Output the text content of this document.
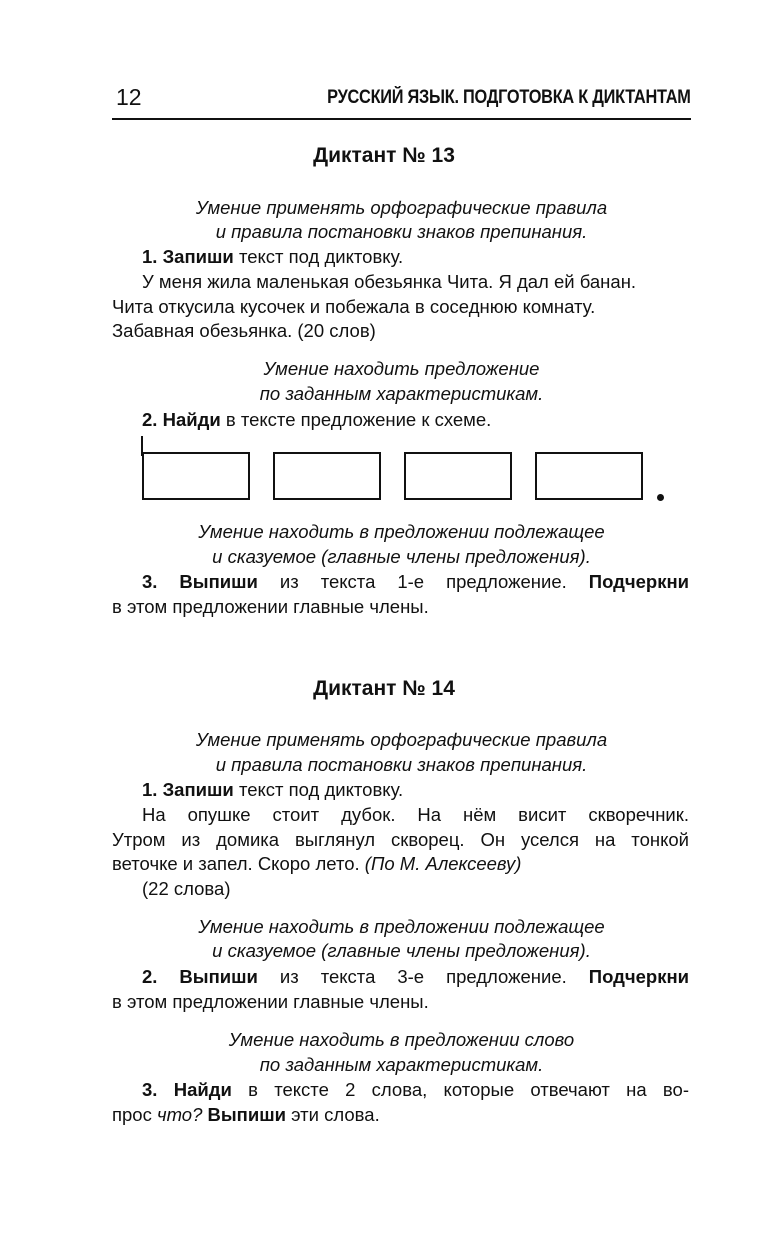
12	РУССКИЙ ЯЗЫК. ПОДГОТОВКА К ДИКТАНТАМ
Диктант № 13
Умение применять орфографические правила
и правила постановки знаков препинания.
1. Запиши текст под диктовку.
У меня жила маленькая обезьянка Чита. Я дал ей банан.
Чита откусила кусочек и побежала в соседнюю комнату.
Забавная обезьянка. (20 слов)
Умение находить предложение
по заданным характеристикам.
2. Найди в тексте предложение к схеме.
Умение находить в предложении подлежащее
и сказуемое (главные члены предложения).
3. Выпиши из текста 1-е предложение. Подчеркни
в этом предложении главные члены.
Диктант № 14
Умение применять орфографические правила
и правила постановки знаков препинания.
1. Запиши текст под диктовку.
На опушке стоит дубок. На нём висит скворечник.
Утром из домика выглянул скворец. Он уселся на тонкой
веточке и запел. Скоро лето. (По М. Алексееву)
(22 слова)
Умение находить в предложении подлежащее
и сказуемое (главные члены предложения).
2. Выпиши из текста 3-е предложение. Подчеркни
в этом предложении главные члены.
Умение находить в предложении слово
по заданным характеристикам.
3. Найди в тексте 2 слова, которые отвечают на во-
прос что? Выпиши эти слова.
